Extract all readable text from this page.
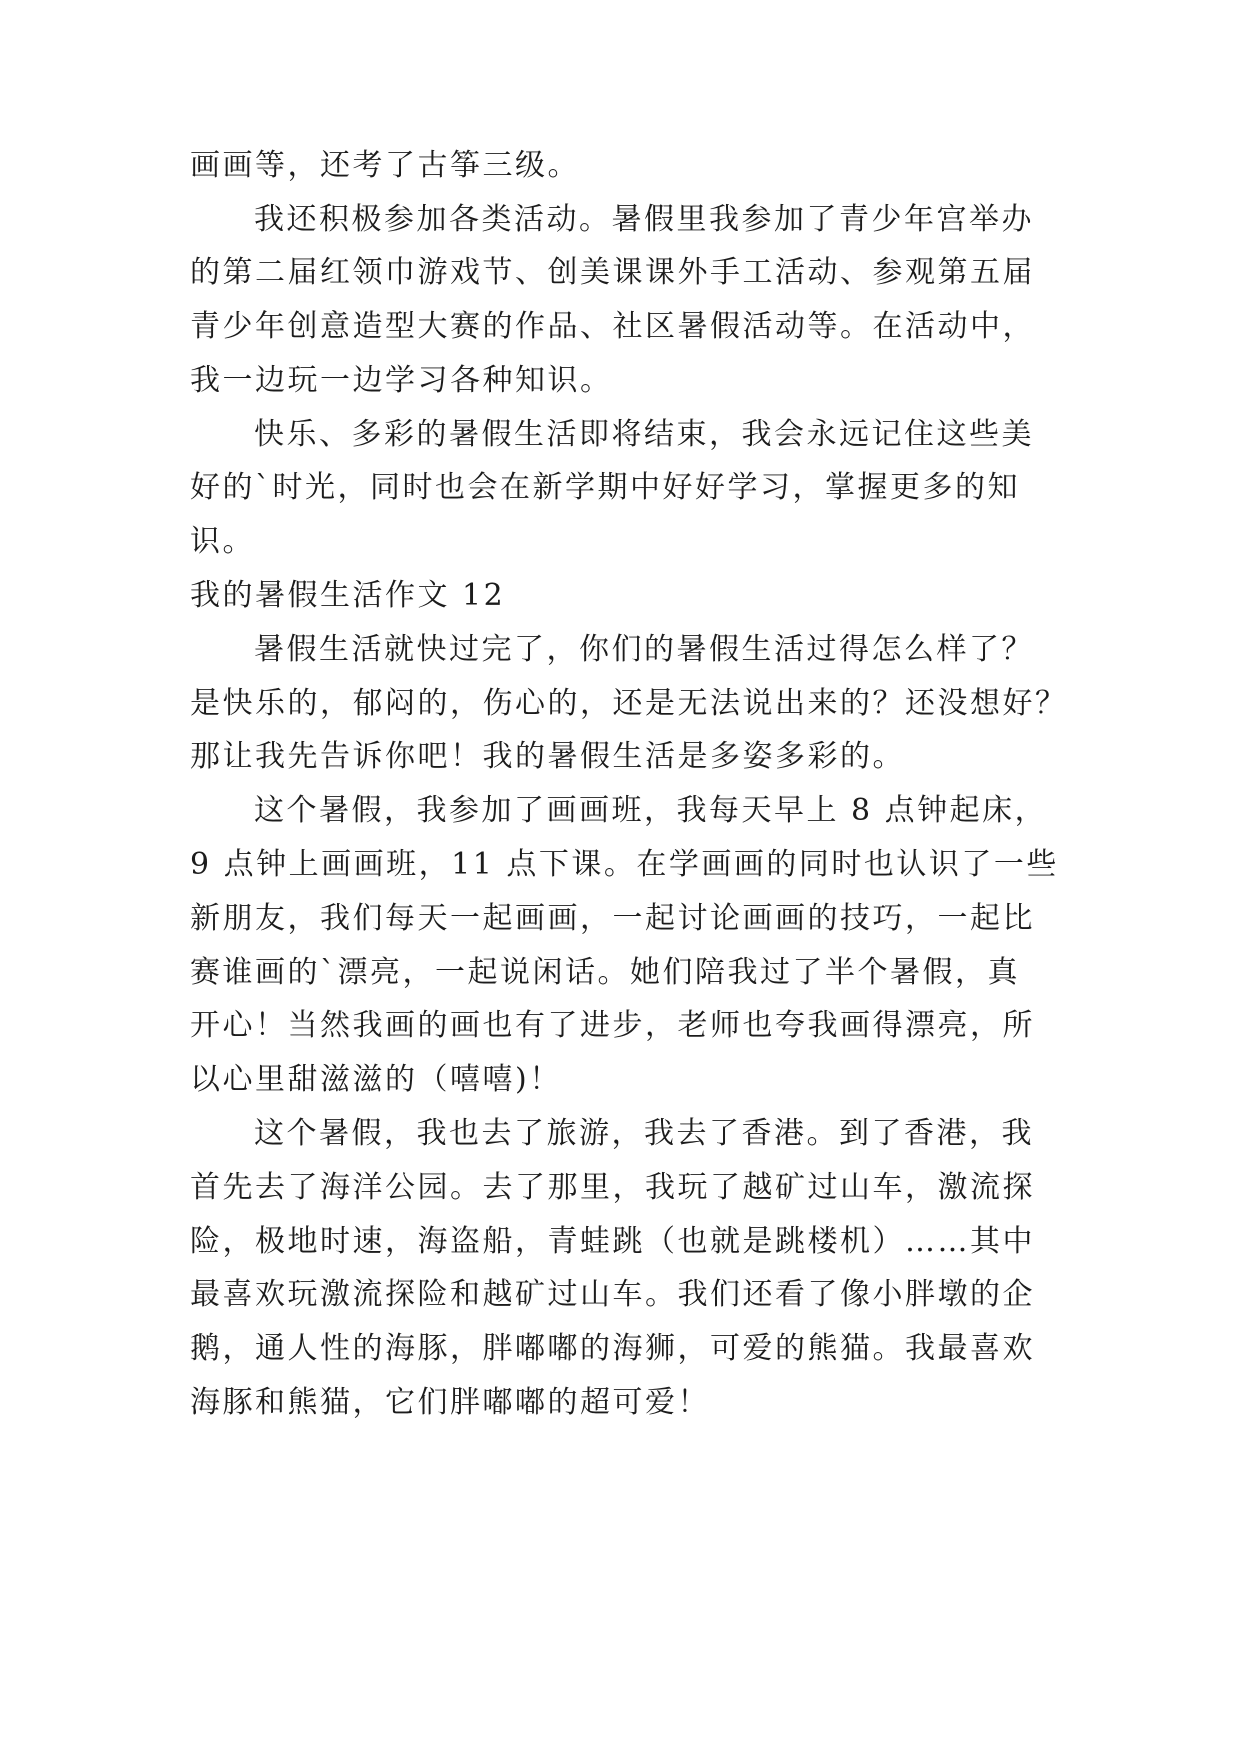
画画等，还考了古筝三级。

我还积极参加各类活动。暑假里我参加了青少年宫举办

的第二届红领巾游戏节、创美课课外手工活动、参观第五届

青少年创意造型大赛的作品、社区暑假活动等。在活动中，

我一边玩一边学习各种知识。

快乐、多彩的暑假生活即将结束，我会永远记住这些美

好的`时光，同时也会在新学期中好好学习，掌握更多的知

识。

我的暑假生活作文 12

暑假生活就快过完了，你们的暑假生活过得怎么样了？

是快乐的，郁闷的，伤心的，还是无法说出来的？还没想好？

那让我先告诉你吧！我的暑假生活是多姿多彩的。

这个暑假，我参加了画画班，我每天早上 8 点钟起床，

9 点钟上画画班，11 点下课。在学画画的同时也认识了一些

新朋友，我们每天一起画画，一起讨论画画的技巧，一起比

赛谁画的`漂亮，一起说闲话。她们陪我过了半个暑假，真

开心！当然我画的画也有了进步，老师也夸我画得漂亮，所

以心里甜滋滋的（嘻嘻)！

这个暑假，我也去了旅游，我去了香港。到了香港，我

首先去了海洋公园。去了那里，我玩了越矿过山车，激流探

险，极地时速，海盗船，青蛙跳（也就是跳楼机）……其中

最喜欢玩激流探险和越矿过山车。我们还看了像小胖墩的企

鹅，通人性的海豚，胖嘟嘟的海狮，可爱的熊猫。我最喜欢

海豚和熊猫，它们胖嘟嘟的超可爱！
